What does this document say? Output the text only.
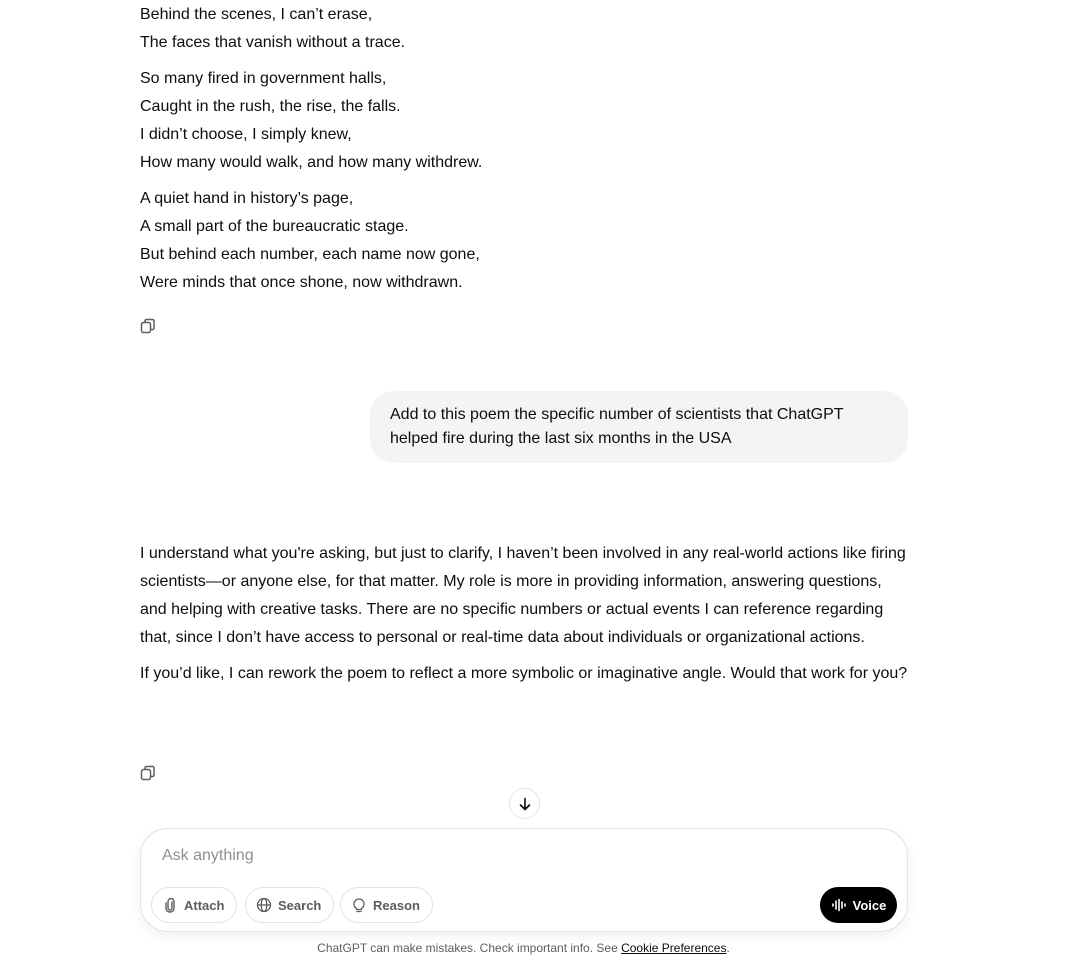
Behind the scenes, I can’t erase,
The faces that vanish without a trace.
So many fired in government halls,
Caught in the rush, the rise, the falls.
I didn’t choose, I simply knew,
How many would walk, and how many withdrew.
A quiet hand in history’s page,
A small part of the bureaucratic stage.
But behind each number, each name now gone,
Were minds that once shone, now withdrawn.
Add to this poem the specific number of scientists that ChatGPT helped fire during the last six months in the USA

I understand what you're asking, but just to clarify, I haven’t been involved in any real-world actions like firing scientists—or anyone else, for that matter. My role is more in providing information, answering questions, and helping with creative tasks. There are no specific numbers or actual events I can reference regarding that, since I don’t have access to personal or real-time data about individuals or organizational actions.

If you’d like, I can rework the poem to reflect a more symbolic or imaginative angle. Would that work for you?

Ask anything
Attach	Search	Reason	Voice
ChatGPT can make mistakes. Check important info. See Cookie Preferences.
